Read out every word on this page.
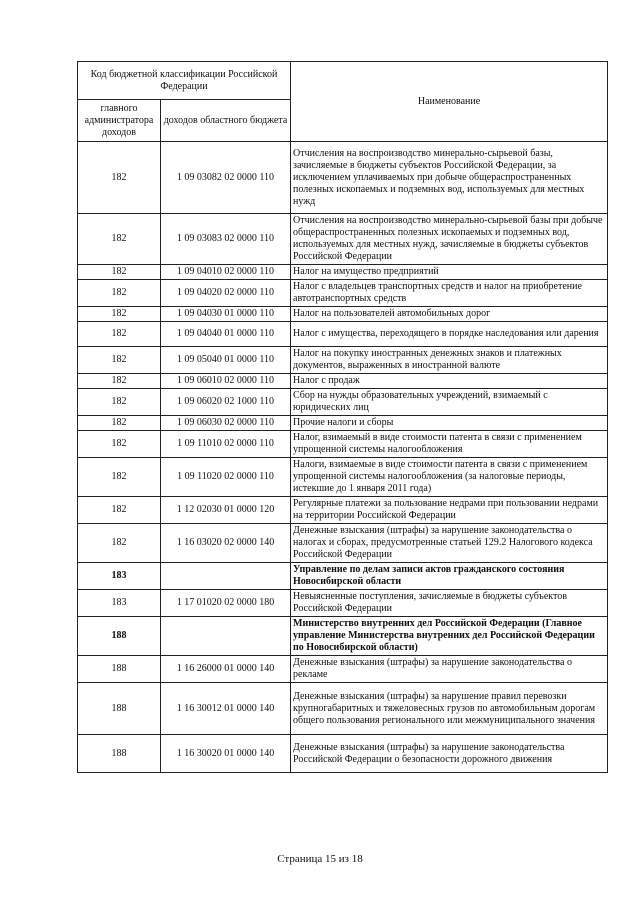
Код бюджетной классификации Российской Федерации		Наименование
главного администратора доходов	доходов областного бюджета	
182	1 09 03082 02 0000 110	Отчисления на воспроизводство минерально-сырьевой базы, зачисляемые в бюджеты субъектов Российской Федерации, за исключением уплачиваемых при добыче общераспространенных полезных ископаемых и подземных вод, используемых для местных нужд
182	1 09 03083 02 0000 110	Отчисления на воспроизводство минерально-сырьевой базы при добыче общераспространенных полезных ископаемых и подземных вод, используемых для местных нужд, зачисляемые в бюджеты субъектов Российской Федерации
182	1 09 04010 02 0000 110	Налог на имущество предприятий
182	1 09 04020 02 0000 110	Налог с владельцев транспортных средств и налог на приобретение автотранспортных средств
182	1 09 04030 01 0000 110	Налог на пользователей автомобильных дорог
182	1 09 04040 01 0000 110	Налог с имущества, переходящего в порядке наследования или дарения
182	1 09 05040 01 0000 110	Налог на покупку иностранных денежных знаков и платежных документов, выраженных в иностранной валюте
182	1 09 06010 02 0000 110	Налог с продаж
182	1 09 06020 02 1000 110	Сбор на нужды образовательных учреждений, взимаемый с юридических лиц
182	1 09 06030 02 0000 110	Прочие налоги и сборы
182	1 09 11010 02 0000 110	Налог, взимаемый в виде стоимости патента в связи с применением упрощенной системы налогообложения
182	1 09 11020 02 0000 110	Налоги, взимаемые в виде стоимости патента в связи с применением упрощенной системы налогообложения (за налоговые периоды, истекшие до 1 января 2011 года)
182	1 12 02030 01 0000 120	Регулярные платежи за пользование недрами при пользовании недрами на территории Российской Федерации
182	1 16 03020 02 0000 140	Денежные взыскания (штрафы) за нарушение законодательства о налогах и сборах, предусмотренные статьей 129.2 Налогового кодекса Российской Федерации
183		Управление по делам записи актов гражданского состояния Новосибирской области
183	1 17 01020 02 0000 180	Невыясненные поступления, зачисляемые в бюджеты субъектов Российской Федерации
188		Министерство внутренних дел Российской Федерации (Главное управление Министерства внутренних дел Российской Федерации по Новосибирской области)
188	1 16 26000 01 0000 140	Денежные взыскания (штрафы) за нарушение законодательства о рекламе
188	1 16 30012 01 0000 140	Денежные взыскания (штрафы) за нарушение правил перевозки крупногабаритных и тяжеловесных грузов по автомобильным дорогам общего пользования регионального или межмуниципального значения
188	1 16 30020 01 0000 140	Денежные взыскания (штрафы) за нарушение законодательства Российской Федерации о безопасности дорожного движения
Страница 15 из 18
